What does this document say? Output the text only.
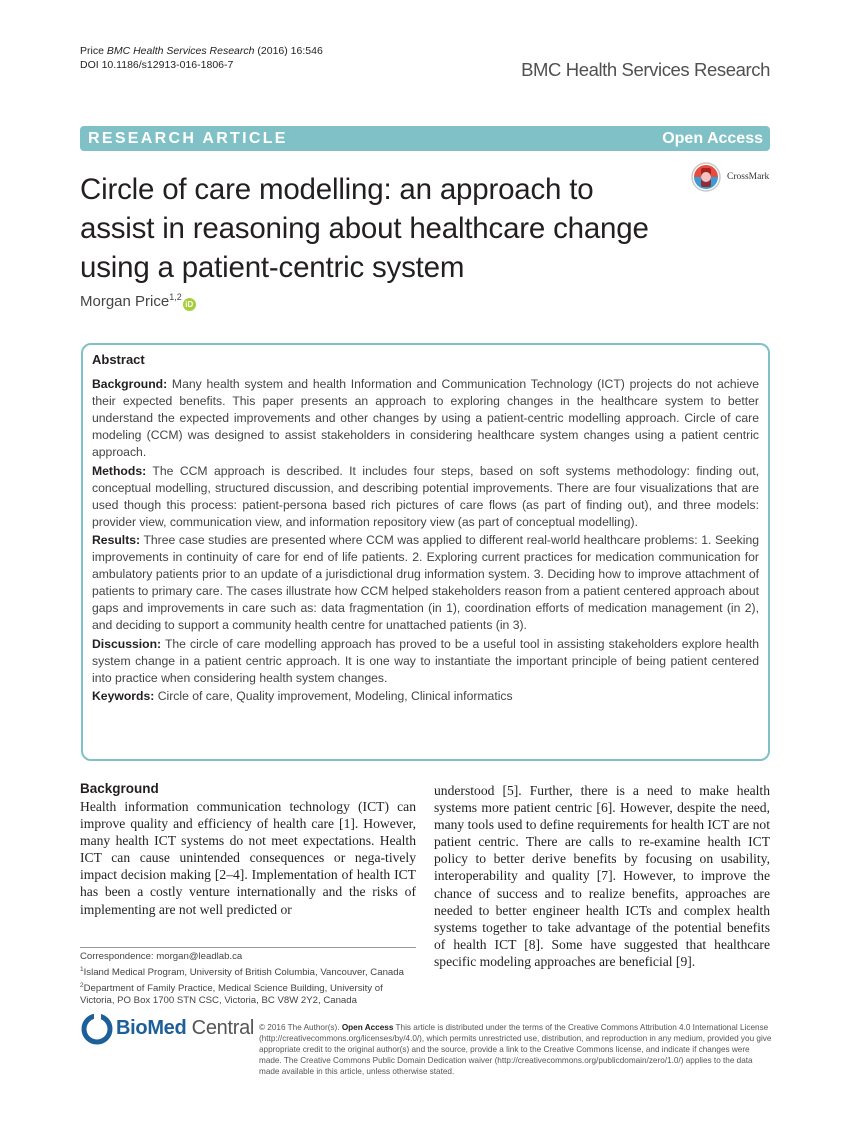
Price BMC Health Services Research (2016) 16:546
DOI 10.1186/s12913-016-1806-7	BMC Health Services Research
RESEARCH ARTICLE	Open Access
Circle of care modelling: an approach to assist in reasoning about healthcare change using a patient-centric system
CrossMark
Morgan Price$^{1,2}$iD
Abstract

Background: Many health system and health Information and Communication Technology (ICT) projects do not achieve their expected benefits. This paper presents an approach to exploring changes in the healthcare system to better understand the expected improvements and other changes by using a patient-centric modelling approach. Circle of care modeling (CCM) was designed to assist stakeholders in considering healthcare system changes using a patient centric approach.

Methods: The CCM approach is described. It includes four steps, based on soft systems methodology: finding out, conceptual modelling, structured discussion, and describing potential improvements. There are four visualizations that are used though this process: patient-persona based rich pictures of care flows (as part of finding out), and three models: provider view, communication view, and information repository view (as part of conceptual modelling).

Results: Three case studies are presented where CCM was applied to different real-world healthcare problems: 1. Seeking improvements in continuity of care for end of life patients. 2. Exploring current practices for medication communication for ambulatory patients prior to an update of a jurisdictional drug information system. 3. Deciding how to improve attachment of patients to primary care. The cases illustrate how CCM helped stakeholders reason from a patient centered approach about gaps and improvements in care such as: data fragmentation (in 1), coordination efforts of medication management (in 2), and deciding to support a community health centre for unattached patients (in 3).

Discussion: The circle of care modelling approach has proved to be a useful tool in assisting stakeholders explore health system change in a patient centric approach. It is one way to instantiate the important principle of being patient centered into practice when considering health system changes.

Keywords: Circle of care, Quality improvement, Modeling, Clinical informatics

Background
Health information communication technology (ICT) can improve quality and efficiency of health care [1]. However, many health ICT systems do not meet expectations. Health ICT can cause unintended consequences or nega-tively impact decision making [2–4]. Implementation of health ICT has been a costly venture internationally and the risks of implementing are not well predicted or
understood [5]. Further, there is a need to make health systems more patient centric [6]. However, despite the need, many tools used to define requirements for health ICT are not patient centric. There are calls to re-examine health ICT policy to better derive benefits by focusing on usability, interoperability and quality [7]. However, to improve the chance of success and to realize benefits, approaches are needed to better engineer health ICTs and complex health systems together to take advantage of the potential benefits of health ICT [8]. Some have suggested that healthcare specific modeling approaches are beneficial [9].
Correspondence: morgan@leadlab.ca
$^1$Island Medical Program, University of British Columbia, Vancouver, Canada
$^2$Department of Family Practice, Medical Science Building, University of Victoria, PO Box 1700 STN CSC, Victoria, BC V8W 2Y2, Canada
BioMed Central © 2016 The Author(s). Open Access This article is distributed under the terms of the Creative Commons Attribution 4.0 International License (http://creativecommons.org/licenses/by/4.0/), which permits unrestricted use, distribution, and reproduction in any medium, provided you give appropriate credit to the original author(s) and the source, provide a link to the Creative Commons license, and indicate if changes were made. The Creative Commons Public Domain Dedication waiver (http://creativecommons.org/publicdomain/zero/1.0/) applies to the data made available in this article, unless otherwise stated.
